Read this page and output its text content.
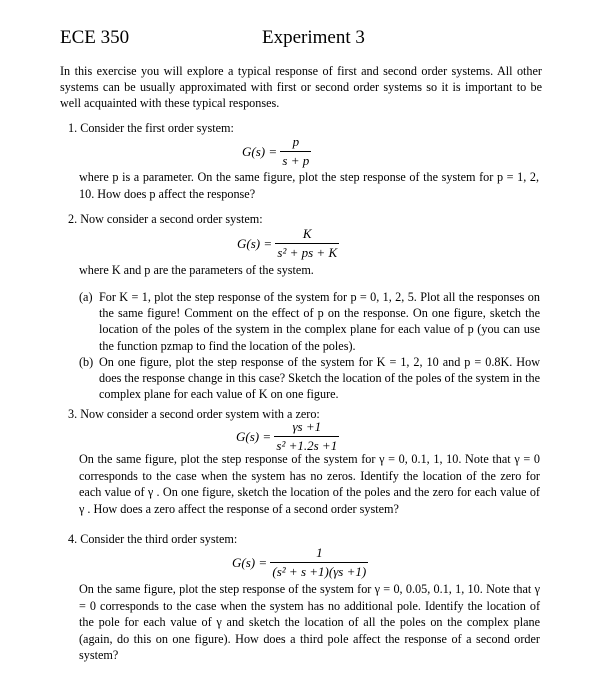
ECE 350	Experiment 3
In this exercise you will explore a typical response of first and second order systems. All other systems can be usually approximated with first or second order systems so it is important to be well acquainted with these typical responses.
1. Consider the first order system:
$G(s) = \frac{p}{s + p}$
where p is a parameter. On the same figure, plot the step response of the system for p = 1, 2, 10. How does p affect the response?
2. Now consider a second order system:
$G(s) = \frac{K}{\text{s² + ps + K}}$
where K and p are the parameters of the system.
(a) For K = 1, plot the step response of the system for p = 0, 1, 2, 5. Plot all the responses on the same figure! Comment on the effect of p on the response. On one figure, sketch the location of the poles of the system in the complex plane for each value of p (you can use the function pzmap to find the location of the poles).
(b) On one figure, plot the step response of the system for K = 1, 2, 10 and p = 0.8K. How does the response change in this case? Sketch the location of the poles of the system in the complex plane for each value of K on one figure.
3. Now consider a second order system with a zero:
$G(s) = \frac{\gamma s +1}{\text{s² +1.2s +1}}$
On the same figure, plot the step response of the system for γ = 0, 0.1, 1, 10. Note that γ = 0 corresponds to the case when the system has no zeros. Identify the location of the zero for each value of γ . On one figure, sketch the location of the poles and the zero for each value of γ . How does a zero affect the response of a second order system?
4. Consider the third order system:
$G(s) = \frac{1}{\text{(s² + s +1)(γs +1)}}$
On the same figure, plot the step response of the system for γ = 0, 0.05, 0.1, 1, 10. Note that γ = 0 corresponds to the case when the system has no additional pole. Identify the location of the pole for each value of γ and sketch the location of all the poles on the complex plane (again, do this on one figure). How does a third pole affect the response of a second order system?
